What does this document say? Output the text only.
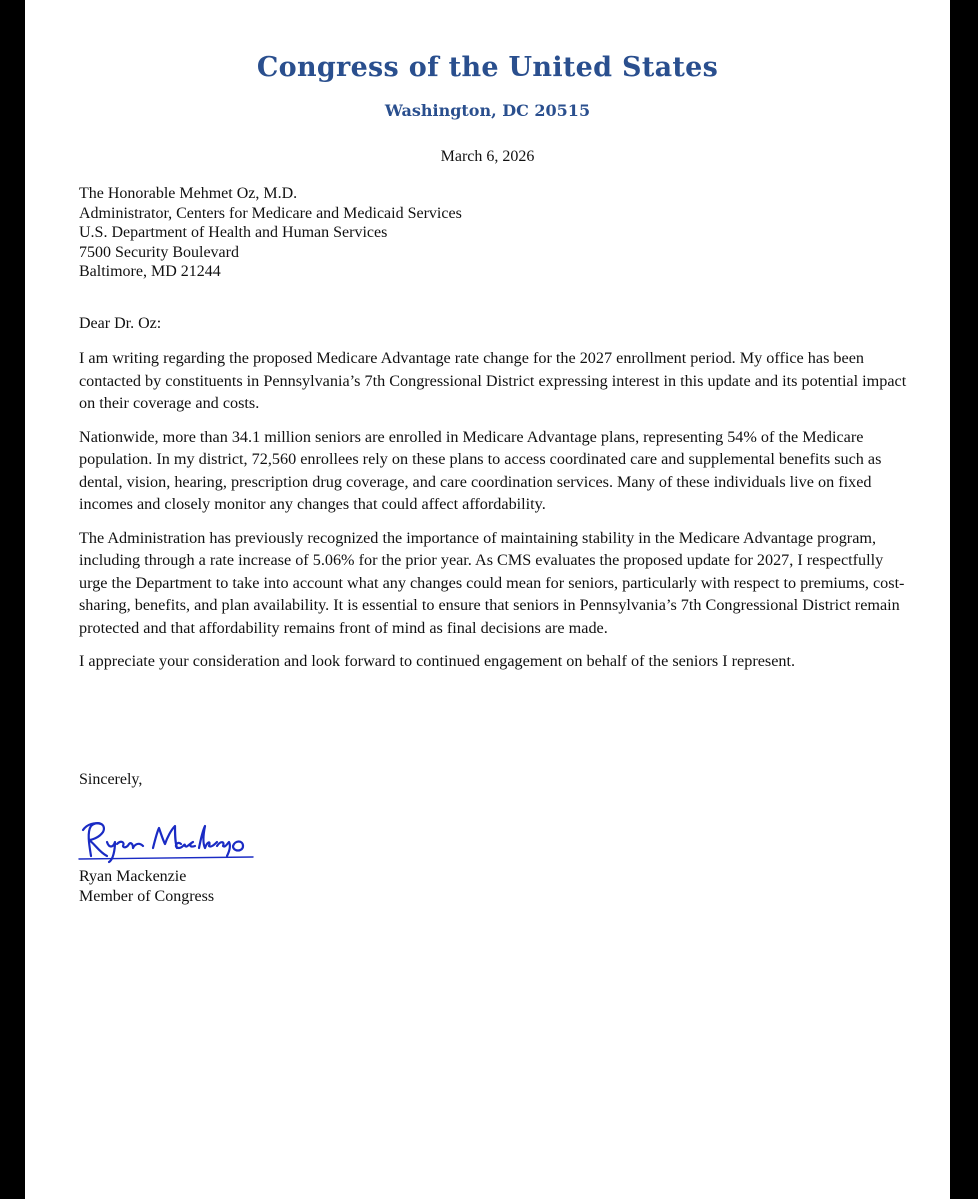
Congress of the United States
Washington, DC 20515
March 6, 2026
The Honorable Mehmet Oz, M.D.
Administrator, Centers for Medicare and Medicaid Services
U.S. Department of Health and Human Services
7500 Security Boulevard
Baltimore, MD 21244
Dear Dr. Oz:

I am writing regarding the proposed Medicare Advantage rate change for the 2027 enrollment period. My office has been contacted by constituents in Pennsylvania’s 7th Congressional District expressing interest in this update and its potential impact on their coverage and costs.

Nationwide, more than 34.1 million seniors are enrolled in Medicare Advantage plans, representing 54% of the Medicare population. In my district, 72,560 enrollees rely on these plans to access coordinated care and supplemental benefits such as dental, vision, hearing, prescription drug coverage, and care coordination services. Many of these individuals live on fixed incomes and closely monitor any changes that could affect affordability.

The Administration has previously recognized the importance of maintaining stability in the Medicare Advantage program, including through a rate increase of 5.06% for the prior year. As CMS evaluates the proposed update for 2027, I respectfully urge the Department to take into account what any changes could mean for seniors, particularly with respect to premiums, cost-sharing, benefits, and plan availability. It is essential to ensure that seniors in Pennsylvania’s 7th Congressional District remain protected and that affordability remains front of mind as final decisions are made.

I appreciate your consideration and look forward to continued engagement on behalf of the seniors I represent.

Sincerely,
Ryan Mackenzie
Member of Congress
